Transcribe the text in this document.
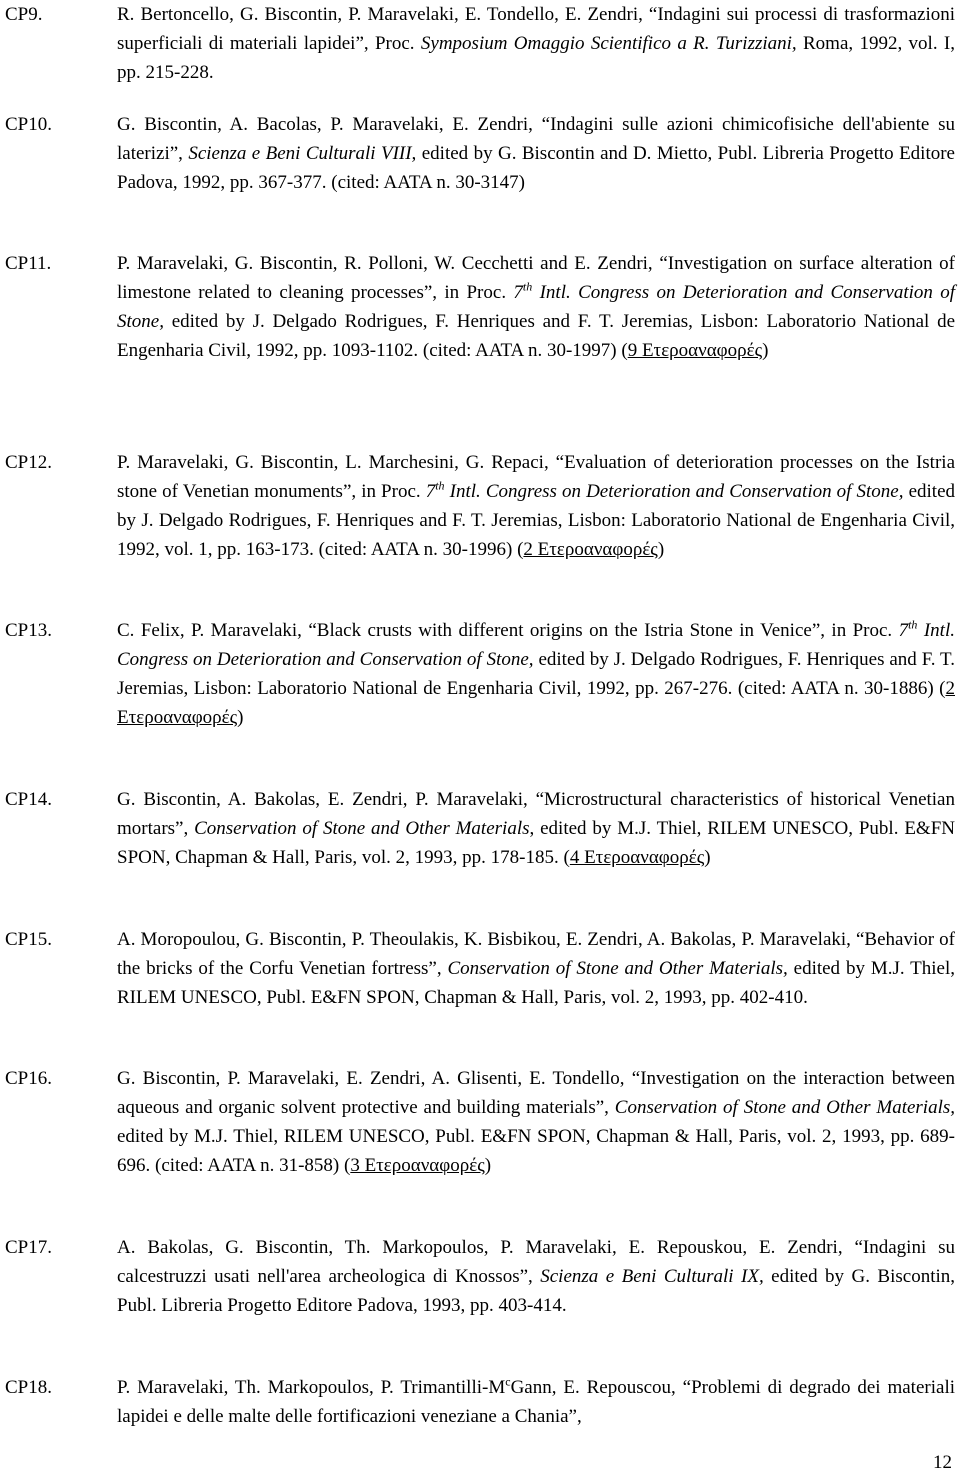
CP9.	R. Bertoncello, G. Biscontin, P. Maravelaki, E. Tondello, E. Zendri, “Indagini sui processi di trasformazioni superficiali di materiali lapidei”, Proc. Symposium Omaggio Scientifico a R. Turizziani, Roma, 1992, vol. I, pp. 215-228.
CP10.	G. Biscontin, A. Bacolas, P. Maravelaki, E. Zendri, “Indagini sulle azioni chimicofisiche dell'abiente su laterizi”, Scienza e Beni Culturali VIII, edited by G. Biscontin and D. Mietto, Publ. Libreria Progetto Editore Padova, 1992, pp. 367-377. (cited: AATA n. 30-3147)
CP11.	P. Maravelaki, G. Biscontin, R. Polloni, W. Cecchetti and E. Zendri, “Investigation on surface alteration of limestone related to cleaning processes”, in Proc. 7th Intl. Congress on Deterioration and Conservation of Stone, edited by J. Delgado Rodrigues, F. Henriques and F. T. Jeremias, Lisbon: Laboratorio National de Engenharia Civil, 1992, pp. 1093-1102. (cited: AATA n. 30-1997) (9 Ετεροαναφορές)
CP12.	P. Maravelaki, G. Biscontin, L. Marchesini, G. Repaci, “Evaluation of deterioration processes on the Istria stone of Venetian monuments”, in Proc. 7th Intl. Congress on Deterioration and Conservation of Stone, edited by J. Delgado Rodrigues, F. Henriques and F. T. Jeremias, Lisbon: Laboratorio National de Engenharia Civil, 1992, vol. 1, pp. 163-173. (cited: AATA n. 30-1996) (2 Ετεροαναφορές)
CP13.	C. Felix, P. Maravelaki, “Black crusts with different origins on the Istria Stone in Venice”, in Proc. 7th Intl. Congress on Deterioration and Conservation of Stone, edited by J. Delgado Rodrigues, F. Henriques and F. T. Jeremias, Lisbon: Laboratorio National de Engenharia Civil, 1992, pp. 267-276. (cited: AATA n. 30-1886) (2 Ετεροαναφορές)
CP14.	G. Biscontin, A. Bakolas, E. Zendri, P. Maravelaki, “Microstructural characteristics of historical Venetian mortars”, Conservation of Stone and Other Materials, edited by M.J. Thiel, RILEM UNESCO, Publ. E&FN SPON, Chapman & Hall, Paris, vol. 2, 1993, pp. 178-185. (4 Ετεροαναφορές)
CP15.	A. Moropoulou, G. Biscontin, P. Theoulakis, K. Bisbikou, E. Zendri, A. Bakolas, P. Maravelaki, “Behavior of the bricks of the Corfu Venetian fortress”, Conservation of Stone and Other Materials, edited by M.J. Thiel, RILEM UNESCO, Publ. E&FN SPON, Chapman & Hall, Paris, vol. 2, 1993, pp. 402-410.
CP16.	G. Biscontin, P. Maravelaki, E. Zendri, A. Glisenti, E. Tondello, “Investigation on the interaction between aqueous and organic solvent protective and building materials”, Conservation of Stone and Other Materials, edited by M.J. Thiel, RILEM UNESCO, Publ. E&FN SPON, Chapman & Hall, Paris, vol. 2, 1993, pp. 689-696. (cited: AATA n. 31-858) (3 Ετεροαναφορές)
CP17.	A. Bakolas, G. Biscontin, Th. Markopoulos, P. Maravelaki, E. Repouskou, E. Zendri, “Indagini su calcestruzzi usati nell'area archeologica di Knossos”, Scienza e Beni Culturali IX, edited by G. Biscontin, Publ. Libreria Progetto Editore Padova, 1993, pp. 403-414.
CP18.	P. Maravelaki, Th. Markopoulos, P. Trimantilli-$M^cGann$, E. Repouscou, “Problemi di degrado dei materiali lapidei e delle malte delle fortificazioni veneziane a Chania”,
12
